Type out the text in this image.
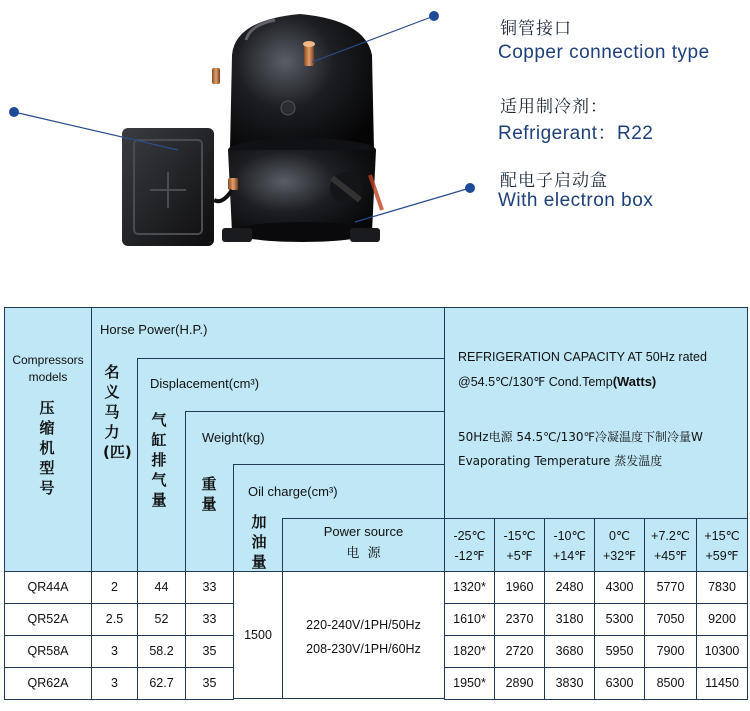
铜管接口
Copper connection type
适用制冷剂：
Refrigerant：R22
配电子启动盒
With electron box
Compressors models
压缩机型号
Horse Power(H.P.)
名义马力(匹)
Displacement(cm³)
气缸排气量
Weight(kg)
重量
Oil charge(cm³)
加油量
Power source
电  源
REFRIGERATION CAPACITY AT 50Hz rated
@54.5℃/130℉ Cond.Temp(Watts)
50Hz电源 54.5℃/130℉冷凝温度下制冷量W
Evaporating Temperature 蒸发温度
-25℃
-12℉
-15℃
+5℉
-10℃
+14℉
0℃
+32℉
+7.2℃
+45℉
+15℃
+59℉
QR44A	2	44	33	1320*	1960	2480	4300	5770	7830
QR52A	2.5	52	33	1610*	2370	3180	5300	7050	9200
QR58A	3	58.2	35	1820*	2720	3680	5950	7900	10300
QR62A	3	62.7	35	1950*	2890	3830	6300	8500	11450
1500
220-240V/1PH/50Hz
208-230V/1PH/60Hz
